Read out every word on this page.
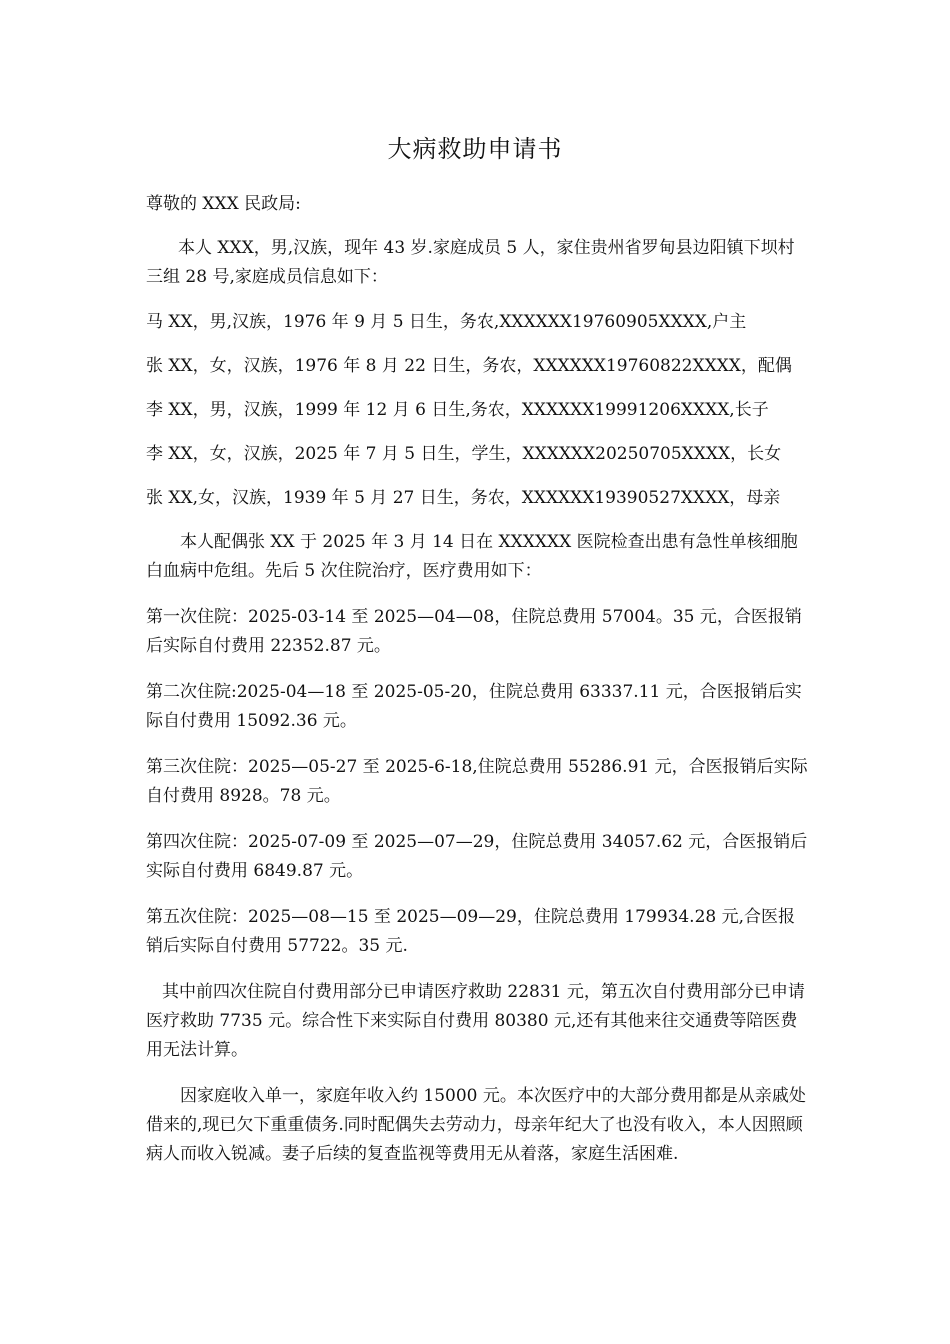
大病救助申请书

尊敬的 XXX 民政局:

本人 XXX，男,汉族，现年 43 岁.家庭成员 5 人，家住贵州省罗甸县边阳镇下坝村三组 28 号,家庭成员信息如下：

马 XX，男,汉族，1976 年 9 月 5 日生，务农,XXXXXX19760905XXXX,户主

张 XX，女，汉族，1976 年 8 月 22 日生，务农，XXXXXX19760822XXXX，配偶

李 XX，男，汉族，1999 年 12 月 6 日生,务农，XXXXXX19991206XXXX,长子

李 XX，女，汉族，2025 年 7 月 5 日生，学生，XXXXXX20250705XXXX，长女

张 XX,女，汉族，1939 年 5 月 27 日生，务农，XXXXXX19390527XXXX，母亲

本人配偶张 XX 于 2025 年 3 月 14 日在 XXXXXX 医院检查出患有急性单核细胞白血病中危组。先后 5 次住院治疗，医疗费用如下：

第一次住院：2025-03-14 至 2025—04—08，住院总费用 57004。35 元，合医报销后实际自付费用 22352.87 元。

第二次住院:2025-04—18 至 2025-05-20，住院总费用 63337.11 元，合医报销后实际自付费用 15092.36 元。

第三次住院：2025—05-27 至 2025-6-18,住院总费用 55286.91 元，合医报销后实际自付费用 8928。78 元。

第四次住院：2025-07-09 至 2025—07—29，住院总费用 34057.62 元，合医报销后实际自付费用 6849.87 元。

第五次住院：2025—08—15 至 2025—09—29，住院总费用 179934.28 元,合医报销后实际自付费用 57722。35 元.

其中前四次住院自付费用部分已申请医疗救助 22831 元，第五次自付费用部分已申请医疗救助 7735 元。综合性下来实际自付费用 80380 元,还有其他来往交通费等陪医费用无法计算。

因家庭收入单一，家庭年收入约 15000 元。本次医疗中的大部分费用都是从亲戚处借来的,现已欠下重重债务.同时配偶失去劳动力，母亲年纪大了也没有收入，本人因照顾病人而收入锐减。妻子后续的复查监视等费用无从着落，家庭生活困难.
